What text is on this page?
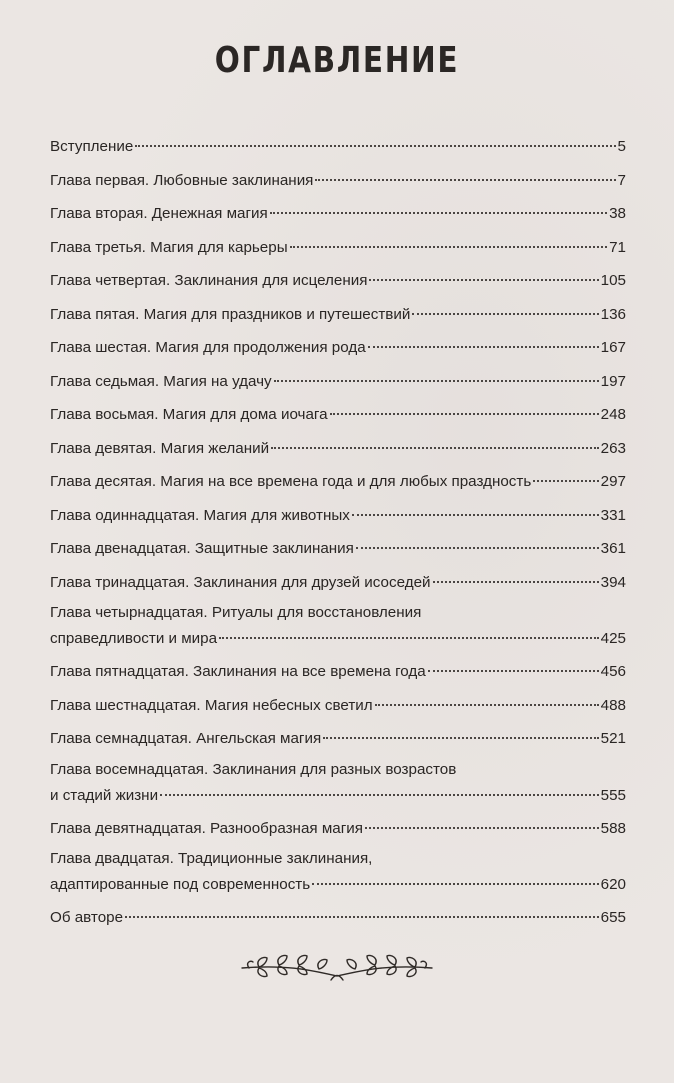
ОГЛАВЛЕНИЕ
Вступление	5
Глава первая. Любовные заклинания	7
Глава вторая. Денежная магия	38
Глава третья. Магия для карьеры	71
Глава четвертая. Заклинания для исцеления	105
Глава пятая. Магия для праздников и путешествий	136
Глава шестая. Магия для продолжения рода	167
Глава седьмая. Магия на удачу	197
Глава восьмая. Магия для дома иочага	248
Глава девятая. Магия желаний	263
Глава десятая. Магия на все времена года и для любых праздность	297
Глава одиннадцатая. Магия для животных	331
Глава двенадцатая. Защитные заклинания	361
Глава тринадцатая. Заклинания для друзей исоседей	394
Глава четырнадцатая. Ритуалы для восстановления
справедливости и мира	425
Глава пятнадцатая. Заклинания на все времена года	456
Глава шестнадцатая. Магия небесных светил	488
Глава семнадцатая. Ангельская магия	521
Глава восемнадцатая. Заклинания для разных возрастов
и стадий жизни	555
Глава девятнадцатая. Разнообразная магия	588
Глава двадцатая. Традиционные заклинания,
адаптированные под современность	620
Об авторе	655
